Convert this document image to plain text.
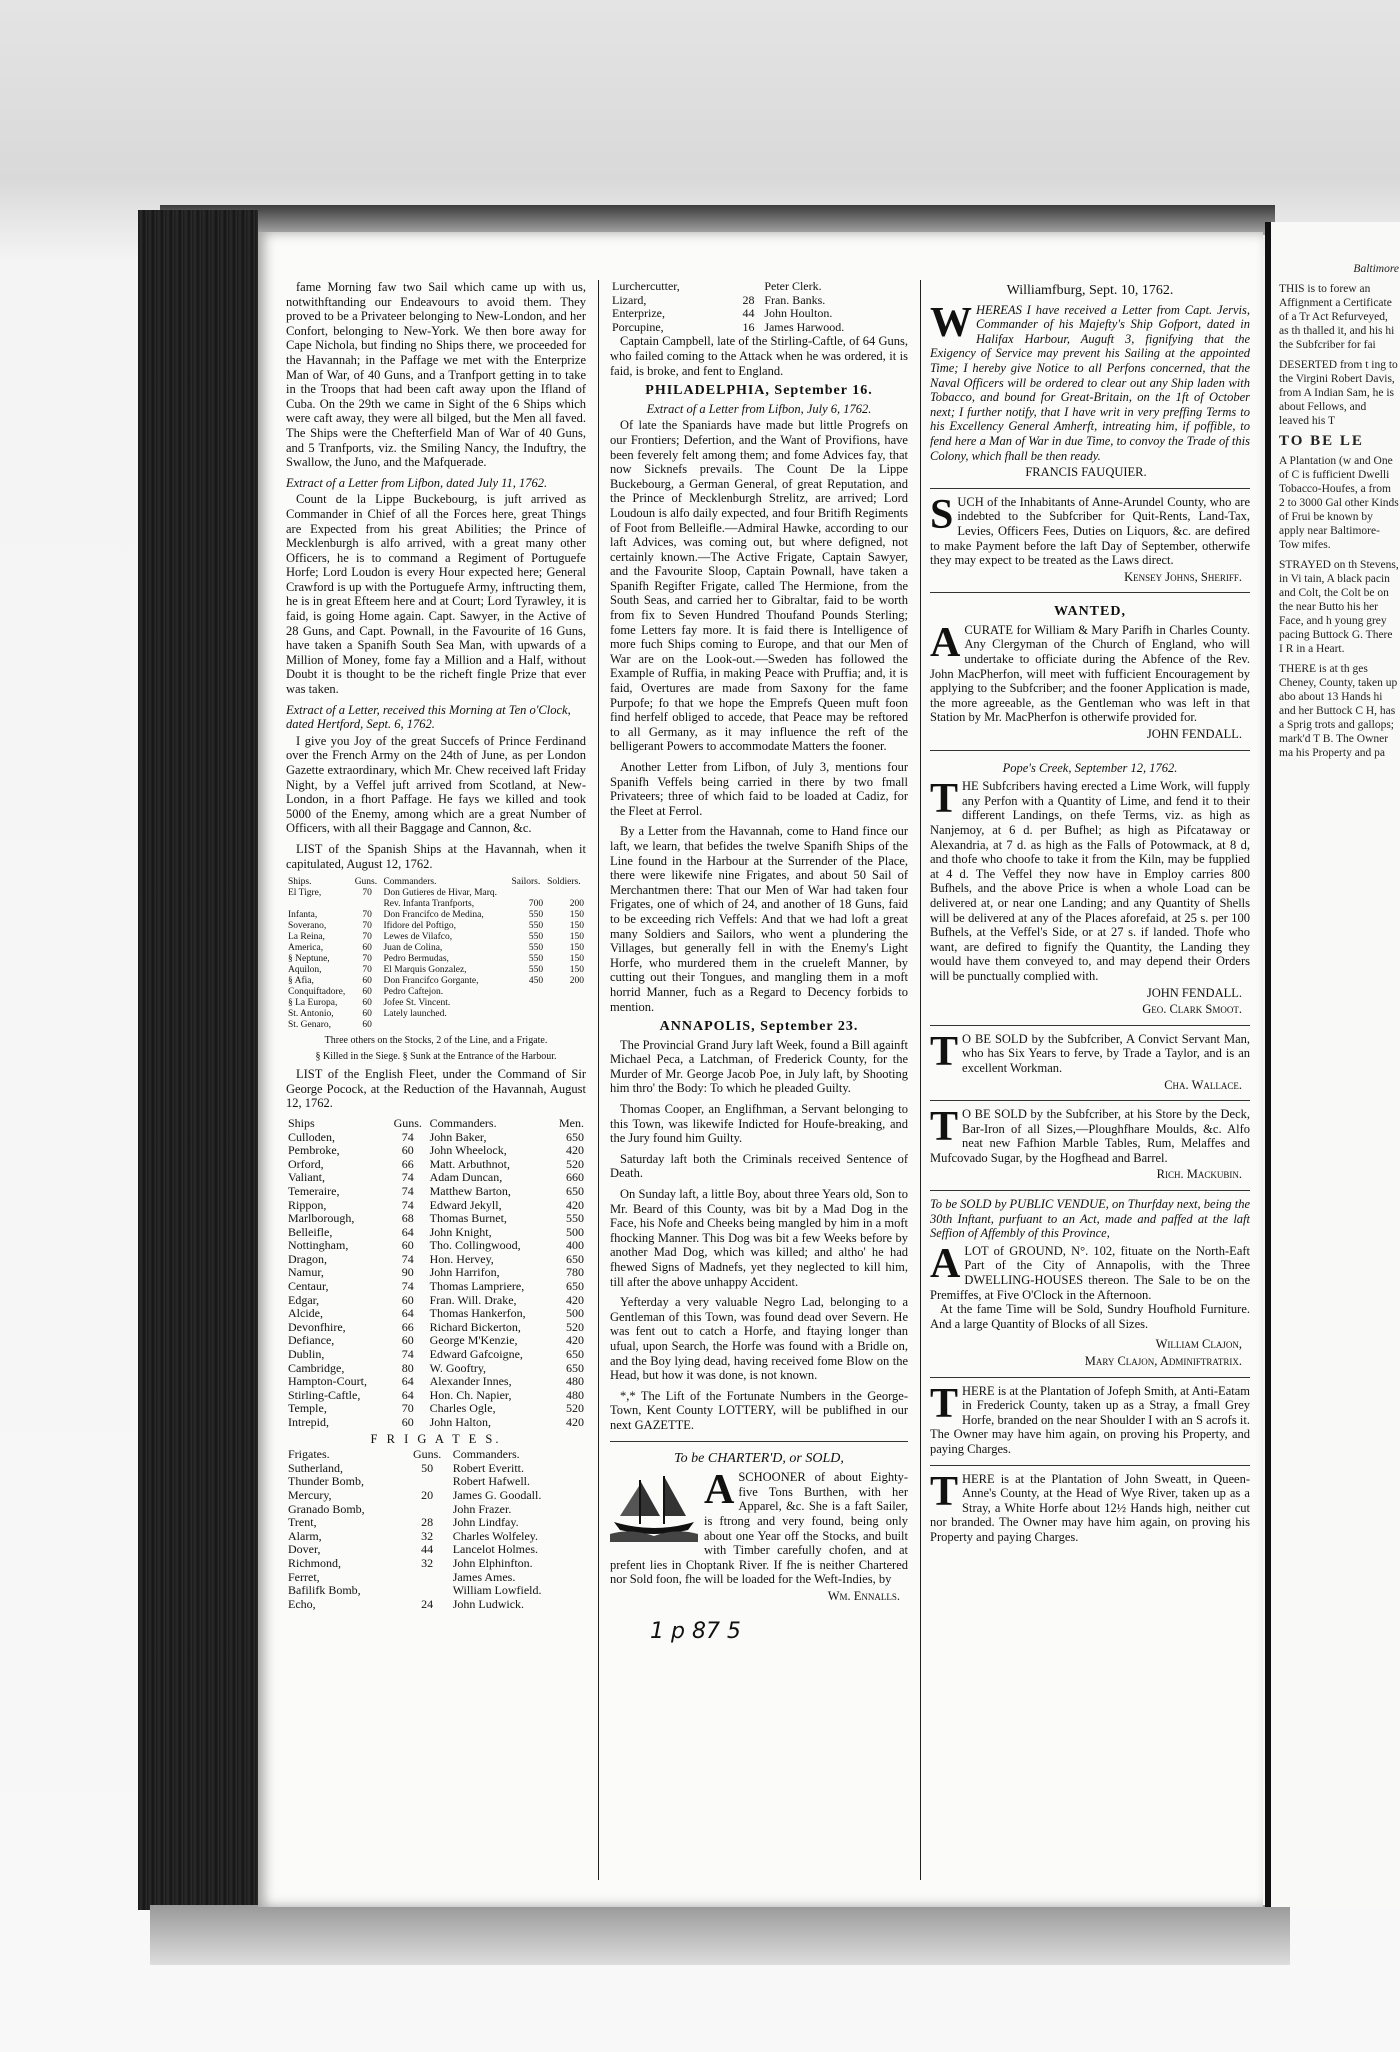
fame Morning faw two Sail which came up with us, notwithftanding our Endeavours to avoid them. They proved to be a Privateer belonging to New-London, and her Confort, belonging to New-York. We then bore away for Cape Nichola, but finding no Ships there, we proceeded for the Havannah; in the Paffage we met with the Enterprize Man of War, of 40 Guns, and a Tranfport getting in to take in the Troops that had been caft away upon the Ifland of Cuba. On the 29th we came in Sight of the 6 Ships which were caft away, they were all bilged, but the Men all faved. The Ships were the Chefterfield Man of War of 40 Guns, and 5 Tranfports, viz. the Smiling Nancy, the Induftry, the Swallow, the Juno, and the Mafquerade.

Extract of a Letter from Lifbon, dated July 11, 1762.

Count de la Lippe Buckebourg, is juft arrived as Commander in Chief of all the Forces here, great Things are Expected from his great Abilities; the Prince of Mecklenburgh is alfo arrived, with a great many other Officers, he is to command a Regiment of Portuguefe Horfe; Lord Loudon is every Hour expected here; General Crawford is up with the Portuguefe Army, inftructing them, he is in great Efteem here and at Court; Lord Tyrawley, it is faid, is going Home again. Capt. Sawyer, in the Active of 28 Guns, and Capt. Pownall, in the Favourite of 16 Guns, have taken a Spanifh South Sea Man, with upwards of a Million of Money, fome fay a Million and a Half, without Doubt it is thought to be the richeft fingle Prize that ever was taken.

Extract of a Letter, received this Morning at Ten o'Clock, dated Hertford, Sept. 6, 1762.

I give you Joy of the great Succefs of Prince Ferdinand over the French Army on the 24th of June, as per London Gazette extraordinary, which Mr. Chew received laft Friday Night, by a Veffel juft arrived from Scotland, at New-London, in a fhort Paffage. He fays we killed and took 5000 of the Enemy, among which are a great Number of Officers, with all their Baggage and Cannon, &c.

LIST of the Spanish Ships at the Havannah, when it capitulated, August 12, 1762.

Ships.	Guns.	Commanders.	Sailors.	Soldiers.
El Tigre,	70	Don Gutieres de Hivar, Marq.		
		Rev. Infanta Tranfports,	700	200
Infanta,	70	Don Francifco de Medina,	550	150
Soverano,	70	Ifidore del Poftigo,	550	150
La Reina,	70	Lewes de Vilafco,	550	150
America,	60	Juan de Colina,	550	150
§ Neptune,	70	Pedro Bermudas,	550	150
Aquilon,	70	El Marquis Gonzalez,	550	150
§ Afia,	60	Don Francifco Gorgante,	450	200
Conquiftadore,	60	Pedro Caftejon.		
§ La Europa,	60	Jofee St. Vincent.		
St. Antonio,	60	Lately launched.		
St. Genaro,	60			

Three others on the Stocks, 2 of the Line, and a Frigate.

§ Killed in the Siege. § Sunk at the Entrance of the Harbour.

LIST of the English Fleet, under the Command of Sir George Pocock, at the Reduction of the Havannah, August 12, 1762.

Ships	Guns.	Commanders.	Men.
Culloden,	74	John Baker,	650
Pembroke,	60	John Wheelock,	420
Orford,	66	Matt. Arbuthnot,	520
Valiant,	74	Adam Duncan,	660
Temeraire,	74	Matthew Barton,	650
Rippon,	74	Edward Jekyll,	420
Marlborough,	68	Thomas Burnet,	550
Belleifle,	64	John Knight,	500
Nottingham,	60	Tho. Collingwood,	400
Dragon,	74	Hon. Hervey,	650
Namur,	90	John Harrifon,	780
Centaur,	74	Thomas Lampriere,	650
Edgar,	60	Fran. Will. Drake,	420
Alcide,	64	Thomas Hankerfon,	500
Devonfhire,	66	Richard Bickerton,	520
Defiance,	60	George M'Kenzie,	420
Dublin,	74	Edward Gafcoigne,	650
Cambridge,	80	W. Gooftry,	650
Hampton-Court,	64	Alexander Innes,	480
Stirling-Caftle,	64	Hon. Ch. Napier,	480
Temple,	70	Charles Ogle,	520
Intrepid,	60	John Halton,	420

F R I G A T E S.

Frigates.	Guns.	Commanders.
Sutherland,	50	Robert Everitt.
Thunder Bomb,		Robert Hafwell.
Mercury,	20	James G. Goodall.
Granado Bomb,		John Frazer.
Trent,	28	John Lindfay.
Alarm,	32	Charles Wolfeley.
Dover,	44	Lancelot Holmes.
Richmond,	32	John Elphinfton.
Ferret,		James Ames.
Bafilifk Bomb,		William Lowfield.
Echo,	24	John Ludwick.
Lurchercutter,		Peter Clerk.
Lizard,	28	Fran. Banks.
Enterprize,	44	John Houlton.
Porcupine,	16	James Harwood.

Captain Campbell, late of the Stirling-Caftle, of 64 Guns, who failed coming to the Attack when he was ordered, it is faid, is broke, and fent to England.

PHILADELPHIA, September 16.

Extract of a Letter from Lifbon, July 6, 1762.

Of late the Spaniards have made but little Progrefs on our Frontiers; Defertion, and the Want of Provifions, have been feverely felt among them; and fome Advices fay, that now Sicknefs prevails. The Count De la Lippe Buckebourg, a German General, of great Reputation, and the Prince of Mecklenburgh Strelitz, are arrived; Lord Loudoun is alfo daily expected, and four Britifh Regiments of Foot from Belleifle.—Admiral Hawke, according to our laft Advices, was coming out, but where defigned, not certainly known.—The Active Frigate, Captain Sawyer, and the Favourite Sloop, Captain Pownall, have taken a Spanifh Regifter Frigate, called The Hermione, from the South Seas, and carried her to Gibraltar, faid to be worth from fix to Seven Hundred Thoufand Pounds Sterling; fome Letters fay more. It is faid there is Intelligence of more fuch Ships coming to Europe, and that our Men of War are on the Look-out.—Sweden has followed the Example of Ruffia, in making Peace with Pruffia; and, it is faid, Overtures are made from Saxony for the fame Purpofe; fo that we hope the Emprefs Queen muft foon find herfelf obliged to accede, that Peace may be reftored to all Germany, as it may influence the reft of the belligerant Powers to accommodate Matters the fooner.

Another Letter from Lifbon, of July 3, mentions four Spanifh Veffels being carried in there by two fmall Privateers; three of which faid to be loaded at Cadiz, for the Fleet at Ferrol.

By a Letter from the Havannah, come to Hand fince our laft, we learn, that befides the twelve Spanifh Ships of the Line found in the Harbour at the Surrender of the Place, there were likewife nine Frigates, and about 50 Sail of Merchantmen there: That our Men of War had taken four Frigates, one of which of 24, and another of 18 Guns, faid to be exceeding rich Veffels: And that we had loft a great many Soldiers and Sailors, who went a plundering the Villages, but generally fell in with the Enemy's Light Horfe, who murdered them in the crueleft Manner, by cutting out their Tongues, and mangling them in a moft horrid Manner, fuch as a Regard to Decency forbids to mention.

ANNAPOLIS, September 23.

The Provincial Grand Jury laft Week, found a Bill againft Michael Peca, a Latchman, of Frederick County, for the Murder of Mr. George Jacob Poe, in July laft, by Shooting him thro' the Body: To which he pleaded Guilty.

Thomas Cooper, an Englifhman, a Servant belonging to this Town, was likewife Indicted for Houfe-breaking, and the Jury found him Guilty.

Saturday laft both the Criminals received Sentence of Death.

On Sunday laft, a little Boy, about three Years old, Son to Mr. Beard of this County, was bit by a Mad Dog in the Face, his Nofe and Cheeks being mangled by him in a moft fhocking Manner. This Dog was bit a few Weeks before by another Mad Dog, which was killed; and altho' he had fhewed Signs of Madnefs, yet they neglected to kill him, till after the above unhappy Accident.

Yefterday a very valuable Negro Lad, belonging to a Gentleman of this Town, was found dead over Severn. He was fent out to catch a Horfe, and ftaying longer than ufual, upon Search, the Horfe was found with a Bridle on, and the Boy lying dead, having received fome Blow on the Head, but how it was done, is not known.

*,* The Lift of the Fortunate Numbers in the George-Town, Kent County LOTTERY, will be publifhed in our next GAZETTE.

To be CHARTER'D, or SOLD,

ASCHOONER of about Eighty-five Tons Burthen, with her Apparel, &c. She is a faft Sailer, is ftrong and very found, being only about one Year off the Stocks, and built with Timber carefully chofen, and at prefent lies in Choptank River. If fhe is neither Chartered nor Sold foon, fhe will be loaded for the Weft-Indies, by

Wm. Ennalls.

1 p 87 5

Williamfburg, Sept. 10, 1762.

WHEREAS I have received a Letter from Capt. Jervis, Commander of his Majefty's Ship Gofport, dated in Halifax Harbour, Auguft 3, fignifying that the Exigency of Service may prevent his Sailing at the appointed Time; I hereby give Notice to all Perfons concerned, that the Naval Officers will be ordered to clear out any Ship laden with Tobacco, and bound for Great-Britain, on the 1ft of October next; I further notify, that I have writ in very preffing Terms to his Excellency General Amherft, intreating him, if poffible, to fend here a Man of War in due Time, to convoy the Trade of this Colony, which fhall be then ready.

FRANCIS FAUQUIER.

SUCH of the Inhabitants of Anne-Arundel County, who are indebted to the Subfcriber for Quit-Rents, Land-Tax, Levies, Officers Fees, Duties on Liquors, &c. are defired to make Payment before the laft Day of September, otherwife they may expect to be treated as the Laws direct.

Kensey Johns, Sheriff.

WANTED,

ACURATE for William & Mary Parifh in Charles County. Any Clergyman of the Church of England, who will undertake to officiate during the Abfence of the Rev. John MacPherfon, will meet with fufficient Encouragement by applying to the Subfcriber; and the fooner Application is made, the more agreeable, as the Gentleman who was left in that Station by Mr. MacPherfon is otherwife provided for.

JOHN FENDALL.

Pope's Creek, September 12, 1762.

THE Subfcribers having erected a Lime Work, will fupply any Perfon with a Quantity of Lime, and fend it to their different Landings, on thefe Terms, viz. as high as Nanjemoy, at 6 d. per Bufhel; as high as Pifcataway or Alexandria, at 7 d. as high as the Falls of Potowmack, at 8 d, and thofe who choofe to take it from the Kiln, may be fupplied at 4 d. The Veffel they now have in Employ carries 800 Bufhels, and the above Price is when a whole Load can be delivered at, or near one Landing; and any Quantity of Shells will be delivered at any of the Places aforefaid, at 25 s. per 100 Bufhels, at the Veffel's Side, or at 27 s. if landed. Thofe who want, are defired to fignify the Quantity, the Landing they would have them conveyed to, and may depend their Orders will be punctually complied with.

JOHN FENDALL.

Geo. Clark Smoot.

T O BE SOLD by the Subfcriber, A Convict Servant Man, who has Six Years to ferve, by Trade a Taylor, and is an excellent Workman.

Cha. Wallace.

T O BE SOLD by the Subfcriber, at his Store by the Deck, Bar-Iron of all Sizes,—Ploughfhare Moulds, &c. Alfo neat new Fafhion Marble Tables, Rum, Melaffes and Mufcovado Sugar, by the Hogfhead and Barrel.

Rich. Mackubin.

To be SOLD by PUBLIC VENDUE, on Thurfday next, being the 30th Inftant, purfuant to an Act, made and paffed at the laft Seffion of Affembly of this Province,

ALOT of GROUND, N°. 102, fituate on the North-Eaft Part of the City of Annapolis, with the Three DWELLING-HOUSES thereon. The Sale to be on the Premiffes, at Five O'Clock in the Afternoon.

At the fame Time will be Sold, Sundry Houfhold Furniture. And a large Quantity of Blocks of all Sizes.

William Clajon,

Mary Clajon, Adminiftratrix.

THERE is at the Plantation of Jofeph Smith, at Anti-Eatam in Frederick County, taken up as a Stray, a fmall Grey Horfe, branded on the near Shoulder I with an S acrofs it. The Owner may have him again, on proving his Property, and paying Charges.

THERE is at the Plantation of John Sweatt, in Queen-Anne's County, at the Head of Wye River, taken up as a Stray, a White Horfe about 12½ Hands high, neither cut nor branded. The Owner may have him again, on proving his Property and paying Charges.

Baltimore

THIS is to forew an Affignment a Certificate of a Tr Act Refurveyed, as th thalled it, and his hi the Subfcriber for fai

DESERTED from t ing to the Virgini Robert Davis, from A Indian Sam, he is about Fellows, and leaved his T

TO BE LE

A Plantation (w and One of C is fufficient Dwelli Tobacco-Houfes, a from 2 to 3000 Gal other Kinds of Frui be known by apply near Baltimore-Tow mifes.

STRAYED on th Stevens, in Vi tain, A black pacin and Colt, the Colt be on the near Butto his her Face, and h young grey pacing Buttock G. There I R in a Heart.

THERE is at th ges Cheney, County, taken up abo about 13 Hands hi and her Buttock C H, has a Sprig trots and gallops; mark'd T B. The Owner ma his Property and pa
